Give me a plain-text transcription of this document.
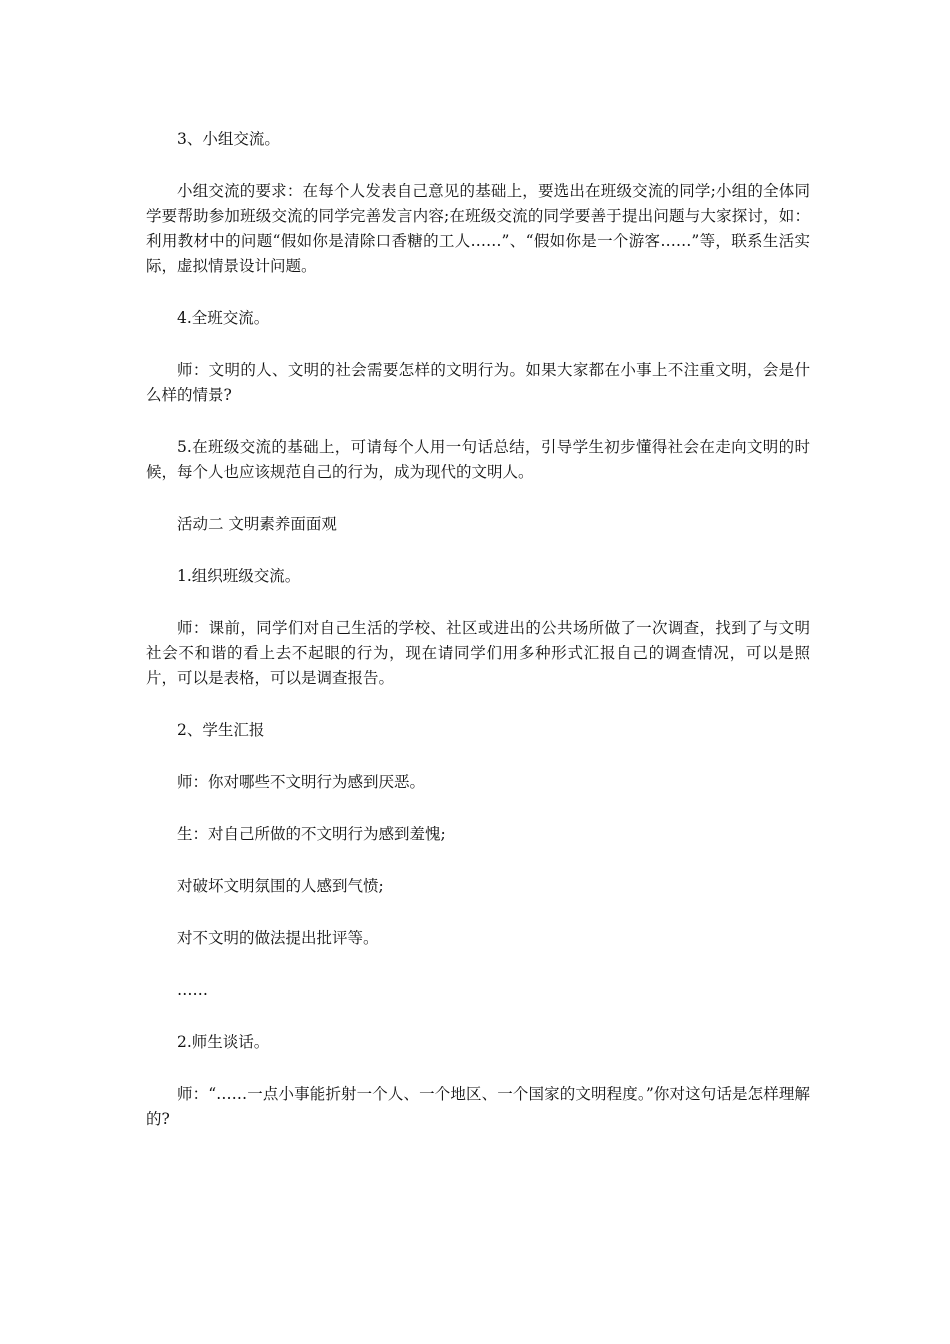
3、小组交流。

小组交流的要求：在每个人发表自己意见的基础上，要选出在班级交流的同学;小组的全体同学要帮助参加班级交流的同学完善发言内容;在班级交流的同学要善于提出问题与大家探讨，如：利用教材中的问题“假如你是清除口香糖的工人……”、“假如你是一个游客……”等，联系生活实际，虚拟情景设计问题。

4.全班交流。

师：文明的人、文明的社会需要怎样的文明行为。如果大家都在小事上不注重文明，会是什么样的情景?

5.在班级交流的基础上，可请每个人用一句话总结，引导学生初步懂得社会在走向文明的时候，每个人也应该规范自己的行为，成为现代的文明人。

活动二 文明素养面面观

1.组织班级交流。

师：课前，同学们对自己生活的学校、社区或进出的公共场所做了一次调查，找到了与文明社会不和谐的看上去不起眼的行为，现在请同学们用多种形式汇报自己的调查情况，可以是照片，可以是表格，可以是调查报告。

2、学生汇报

师：你对哪些不文明行为感到厌恶。

生：对自己所做的不文明行为感到羞愧;

对破坏文明氛围的人感到气愤;

对不文明的做法提出批评等。

……

2.师生谈话。

师：“……一点小事能折射一个人、一个地区、一个国家的文明程度。”你对这句话是怎样理解的?
